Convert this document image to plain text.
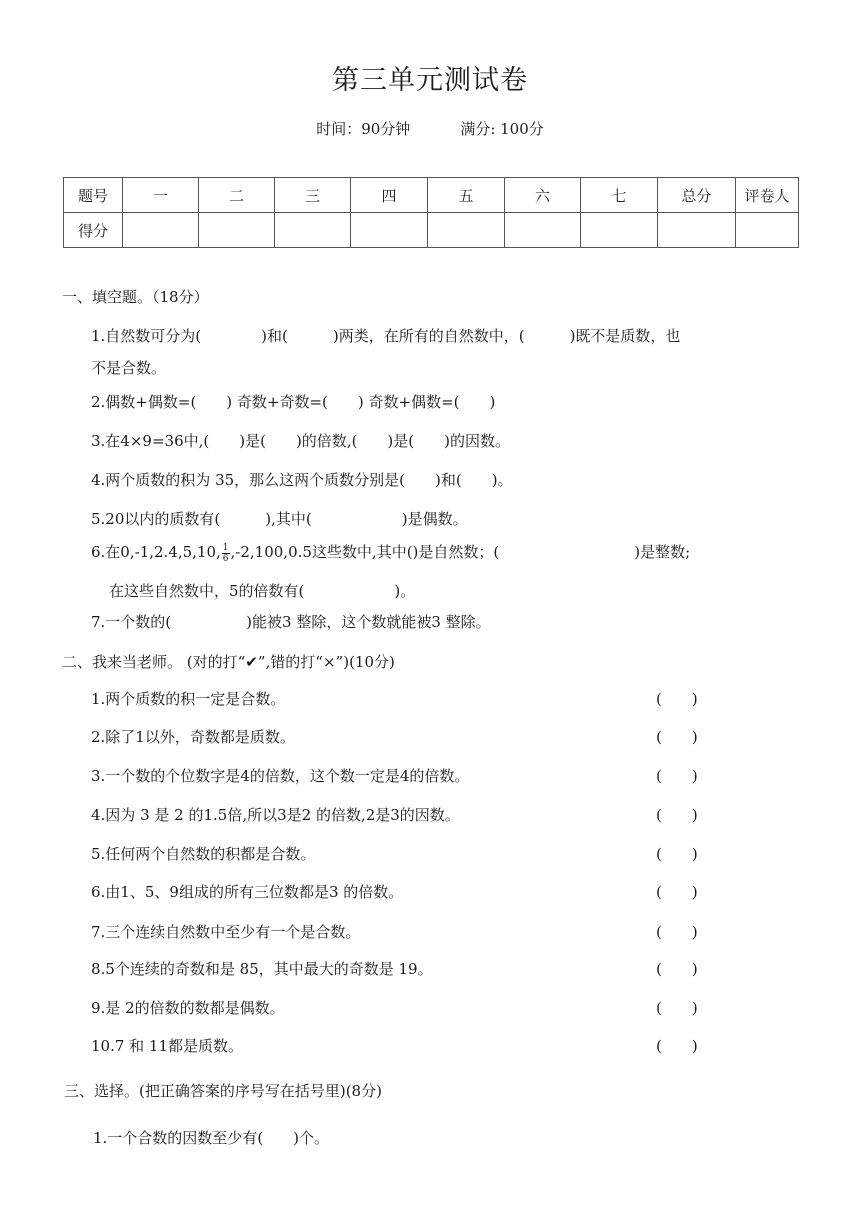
第三单元测试卷
时间：90分钟	满分: 100分
题号	一	二	三	四	五	六	七	总分	评卷人
得分									
一、填空题。（18分）
1.自然数可分为(　　　　)和(　　　)两类，在所有的自然数中，(　　　)既不是质数，也
不是合数。
2.偶数+偶数=(　　) 奇数+奇数=(　　) 奇数+偶数=(　　)
3.在4×9=36中,(　　)是(　　)的倍数,(　　)是(　　)的因数。
4.两个质数的积为 35，那么这两个质数分别是(　　)和(　　)。
5.20以内的质数有(　　　),其中(　　　　　　)是偶数。
6.在0,-1,2.4,5,10, $\frac{1}{6} ,-2,100,0.5$这些数中,其中()是自然数；(　　　　　　　　　)是整数;
在这些自然数中，5的倍数有(　　　　　　)。
7.一个数的(　　　　　)能被3 整除，这个数就能被3 整除。
二、我来当老师。 (对的打“✔”,错的打“×”)(10分)
1.两个质数的积一定是合数。	(　　)
2.除了1以外，奇数都是质数。	(　　)
3.一个数的个位数字是4的倍数，这个数一定是4的倍数。	(　　)
4.因为 3 是 2 的1.5倍,所以3是2 的倍数,2是3的因数。	(　　)
5.任何两个自然数的积都是合数。	(　　)
6.由1、5、9组成的所有三位数都是3 的倍数。	(　　)
7.三个连续自然数中至少有一个是合数。	(　　)
8.5个连续的奇数和是 85，其中最大的奇数是 19。	(　　)
9.是 2的倍数的数都是偶数。	(　　)
10.7 和 11都是质数。	(　　)
三、选择。(把正确答案的序号写在括号里)(8分)
1.一个合数的因数至少有(　　)个。
